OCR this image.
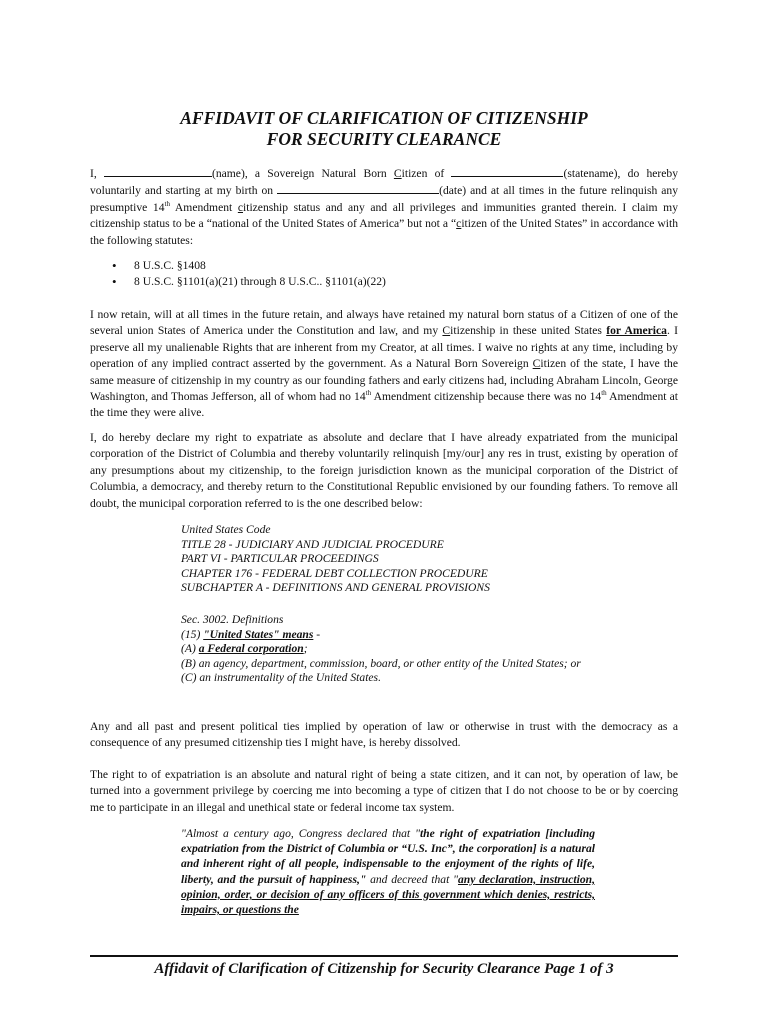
AFFIDAVIT OF CLARIFICATION OF CITIZENSHIP
FOR SECURITY CLEARANCE

I,	(name), a Sovereign Natural Born Citizen of	(statename), do hereby voluntarily and starting at my birth on	(date) and at all times in the future relinquish any presumptive 14th Amendment citizenship status and any and all privileges and immunities granted therein. I claim my citizenship status to be a “national of the United States of America” but not a “citizen of the United States” in accordance with the following statutes:

• 8 U.S.C. §1408
• 8 U.S.C. §1101(a)(21) through 8 U.S.C.. §1101(a)(22)

I now retain, will at all times in the future retain, and always have retained my natural born status of a Citizen of one of the several union States of America under the Constitution and law, and my Citizenship in these united States for America. I preserve all my unalienable Rights that are inherent from my Creator, at all times. I waive no rights at any time, including by operation of any implied contract asserted by the government. As a Natural Born Sovereign Citizen of the state, I have the same measure of citizenship in my country as our founding fathers and early citizens had, including Abraham Lincoln, George Washington, and Thomas Jefferson, all of whom had no 14th Amendment citizenship because there was no 14th Amendment at the time they were alive.

I, do hereby declare my right to expatriate as absolute and declare that I have already expatriated from the municipal corporation of the District of Columbia and thereby voluntarily relinquish [my/our] any res in trust, existing by operation of any presumptions about my citizenship, to the foreign jurisdiction known as the municipal corporation of the District of Columbia, a democracy, and thereby return to the Constitutional Republic envisioned by our founding fathers. To remove all doubt, the municipal corporation referred to is the one described below:

United States Code
TITLE 28 - JUDICIARY AND JUDICIAL PROCEDURE
PART VI - PARTICULAR PROCEEDINGS
CHAPTER 176 - FEDERAL DEBT COLLECTION PROCEDURE
SUBCHAPTER A - DEFINITIONS AND GENERAL PROVISIONS
Sec. 3002. Definitions
(15) "United States" means -
(A) a Federal corporation;
(B) an agency, department, commission, board, or other entity of the United States; or
(C) an instrumentality of the United States.

Any and all past and present political ties implied by operation of law or otherwise in trust with the democracy as a consequence of any presumed citizenship ties I might have, is hereby dissolved.

The right to of expatriation is an absolute and natural right of being a state citizen, and it can not, by operation of law, be turned into a government privilege by coercing me into becoming a type of citizen that I do not choose to be or by coercing me to participate in an illegal and unethical state or federal income tax system.

"Almost a century ago, Congress declared that "the right of expatriation [including expatriation from the District of Columbia or “U.S. Inc”, the corporation] is a natural and inherent right of all people, indispensable to the enjoyment of the rights of life, liberty, and the pursuit of happiness," and decreed that "any declaration, instruction, opinion, order, or decision of any officers of this government which denies, restricts, impairs, or questions the
Affidavit of Clarification of Citizenship for Security Clearance Page 1 of 3
